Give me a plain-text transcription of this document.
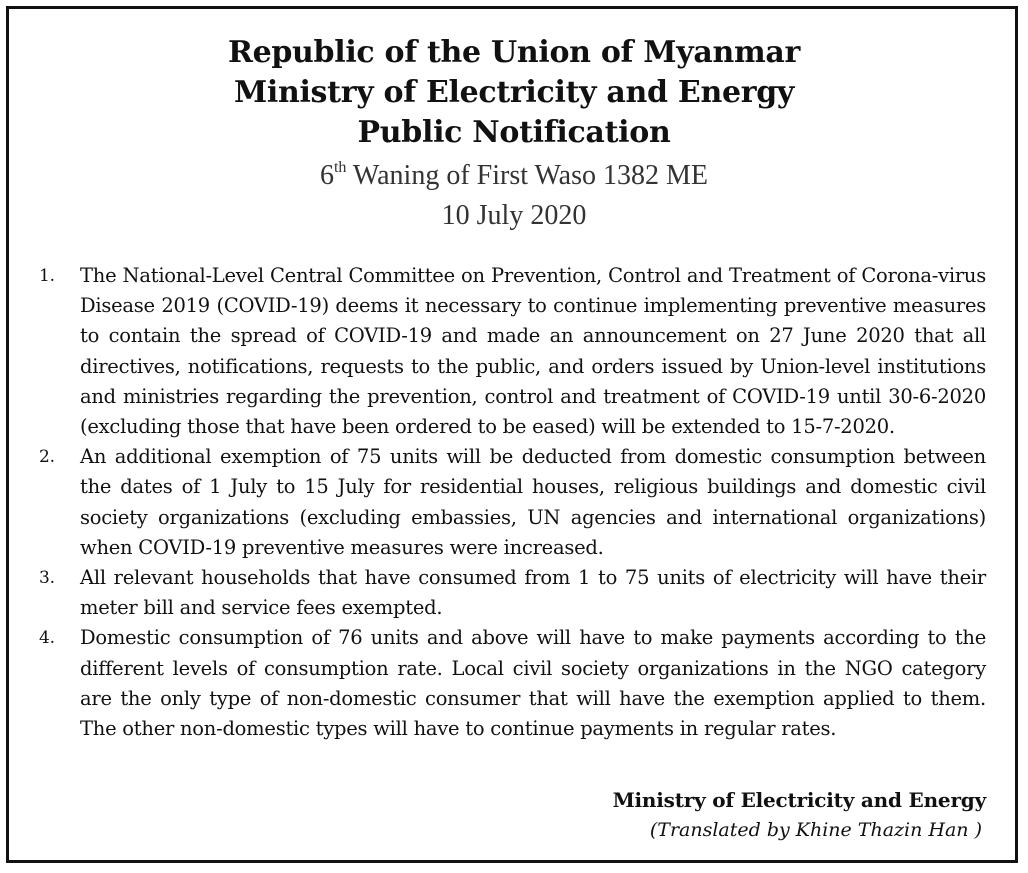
Republic of the Union of Myanmar
Ministry of Electricity and Energy
Public Notification
6th Waning of First Waso 1382 ME
10 July 2020
1. The National-Level Central Committee on Prevention, Control and Treatment of Corona-virus Disease 2019 (COVID-19) deems it necessary to continue implementing preventive measures to contain the spread of COVID-19 and made an announcement on 27 June 2020 that all directives, notifications, requests to the public, and orders issued by Union-level institutions and ministries regarding the prevention, control and treatment of COVID-19 until 30-6-2020 (excluding those that have been ordered to be eased) will be extended to 15-7-2020.
2. An additional exemption of 75 units will be deducted from domestic consumption between the dates of 1 July to 15 July for residential houses, religious buildings and domestic civil society organizations (excluding embassies, UN agencies and international organizations) when COVID-19 preventive measures were increased.
3. All relevant households that have consumed from 1 to 75 units of electricity will have their meter bill and service fees exempted.
4. Domestic consumption of 76 units and above will have to make payments according to the different levels of consumption rate. Local civil society organizations in the NGO category are the only type of non-domestic consumer that will have the exemption applied to them. The other non-domestic types will have to continue payments in regular rates.
Ministry of Electricity and Energy
(Translated by Khine Thazin Han )
